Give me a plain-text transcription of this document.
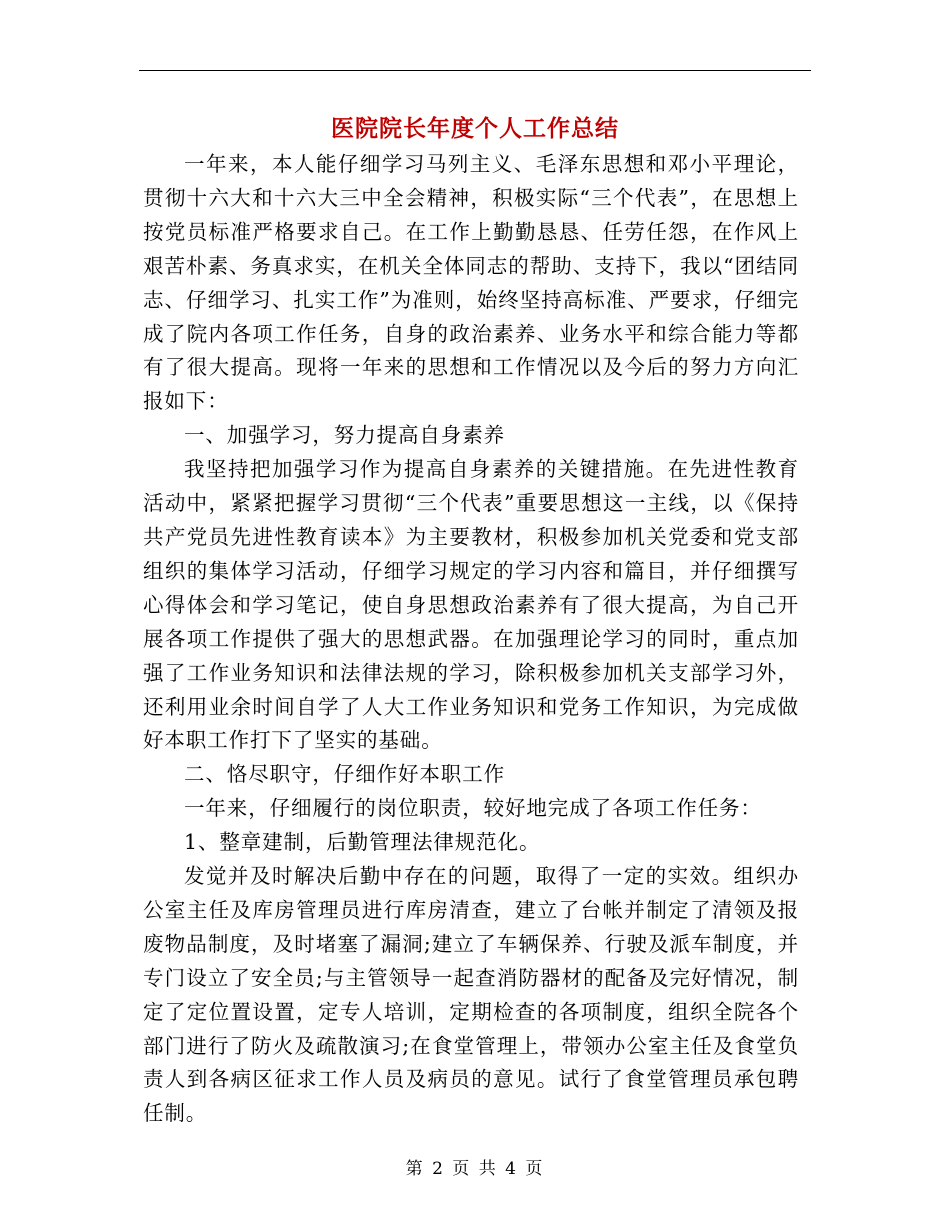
医院院长年度个人工作总结

一年来，本人能仔细学习马列主义、毛泽东思想和邓小平理论，贯彻十六大和十六大三中全会精神，积极实际“三个代表”，在思想上按党员标准严格要求自己。在工作上勤勤恳恳、任劳任怨，在作风上艰苦朴素、务真求实，在机关全体同志的帮助、支持下，我以“团结同志、仔细学习、扎实工作”为准则，始终坚持高标准、严要求，仔细完成了院内各项工作任务，自身的政治素养、业务水平和综合能力等都有了很大提高。现将一年来的思想和工作情况以及今后的努力方向汇报如下：

一、加强学习，努力提高自身素养

我坚持把加强学习作为提高自身素养的关键措施。在先进性教育活动中，紧紧把握学习贯彻“三个代表”重要思想这一主线，以《保持共产党员先进性教育读本》为主要教材，积极参加机关党委和党支部组织的集体学习活动，仔细学习规定的学习内容和篇目，并仔细撰写心得体会和学习笔记，使自身思想政治素养有了很大提高，为自己开展各项工作提供了强大的思想武器。在加强理论学习的同时，重点加强了工作业务知识和法律法规的学习，除积极参加机关支部学习外，还利用业余时间自学了人大工作业务知识和党务工作知识，为完成做好本职工作打下了坚实的基础。

二、恪尽职守，仔细作好本职工作

一年来，仔细履行的岗位职责，较好地完成了各项工作任务：

1、整章建制，后勤管理法律规范化。

发觉并及时解决后勤中存在的问题，取得了一定的实效。组织办公室主任及库房管理员进行库房清查，建立了台帐并制定了清领及报废物品制度，及时堵塞了漏洞;建立了车辆保养、行驶及派车制度，并专门设立了安全员;与主管领导一起查消防器材的配备及完好情况，制定了定位置设置，定专人培训，定期检查的各项制度，组织全院各个部门进行了防火及疏散演习;在食堂管理上，带领办公室主任及食堂负责人到各病区征求工作人员及病员的意见。试行了食堂管理员承包聘任制。

第 2 页 共 4 页
